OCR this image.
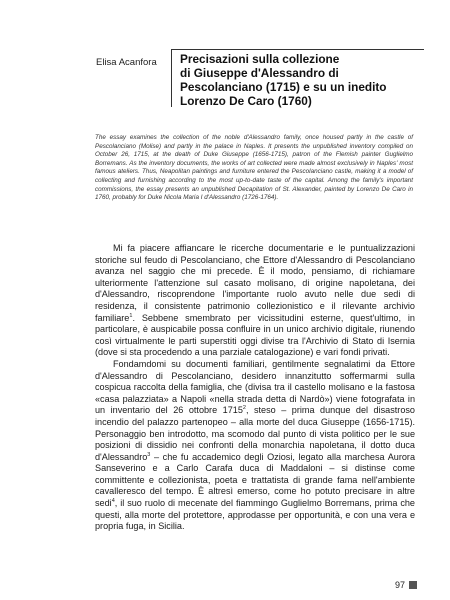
Elisa Acanfora Precisazioni sulla collezione
di Giuseppe d'Alessandro di
Pescolanciano (1715) e su un inedito
Lorenzo De Caro (1760)
The essay examines the collection of the noble d'Alessandro family, once housed partly in the castle of Pescolanciano (Molise) and partly in the palace in Naples. It presents the unpublished inventory compiled on October 26, 1715, at the death of Duke Giuseppe (1656-1715), patron of the Flemish painter Guglielmo Borremans. As the inventory documents, the works of art collected were made almost exclusively in Naples' most famous ateliers. Thus, Neapolitan paintings and furniture entered the Pescolanciano castle, making it a model of collecting and furnishing according to the most up-to-date taste of the capital. Among the family's important commissions, the essay presents an unpublished Decapitation of St. Alexander, painted by Lorenzo De Caro in 1760, probably for Duke Nicola Maria I d'Alessandro (1726-1764).

Mi fa piacere affiancare le ricerche documentarie e le puntualizzazioni storiche sul feudo di Pescolanciano, che Ettore d'Alessandro di Pescolanciano avanza nel saggio che mi precede. È il modo, pensiamo, di richiamare ulteriormente l'attenzione sul casato molisano, di origine napoletana, dei d'Alessandro, riscoprendone l'importante ruolo avuto nelle due sedi di residenza, il consistente patrimonio collezionistico e il rilevante archivio familiare$^1$. Sebbene smembrato per vicissitudini esterne, quest'ultimo, in particolare, è auspicabile possa confluire in un unico archivio digitale, riunendo così virtualmente le parti superstiti oggi divise tra l'Archivio di Stato di Isernia (dove si sta procedendo a una parziale catalogazione) e vari fondi privati.

Fondamdomi su documenti familiari, gentilmente segnalatimi da Ettore d'Alessandro di Pescolanciano, desidero innanzitutto soffermarmi sulla cospicua raccolta della famiglia, che (divisa tra il castello molisano e la fastosa «casa palazziata» a Napoli «nella strada detta di Nardò») viene fotografata in un inventario del 26 ottobre 1715$^2$, steso – prima dunque del disastroso incendio del palazzo partenopeo – alla morte del duca Giuseppe (1656-1715). Personaggio ben introdotto, ma scomodo dal punto di vista politico per le sue posizioni di dissidio nei confronti della monarchia napoletana, il dotto duca d'Alessandro$^3$ – che fu accademico degli Oziosi, legato alla marchesa Aurora Sanseverino e a Carlo Carafa duca di Maddaloni – si distinse come committente e collezionista, poeta e trattatista di grande fama nell'ambiente cavalleresco del tempo. È altresì emerso, come ho potuto precisare in altre sedi$^4$, il suo ruolo di mecenate del fiammingo Guglielmo Borremans, prima che questi, alla morte del protettore, approdasse per opportunità, e con una vera e propria fuga, in Sicilia.

97
